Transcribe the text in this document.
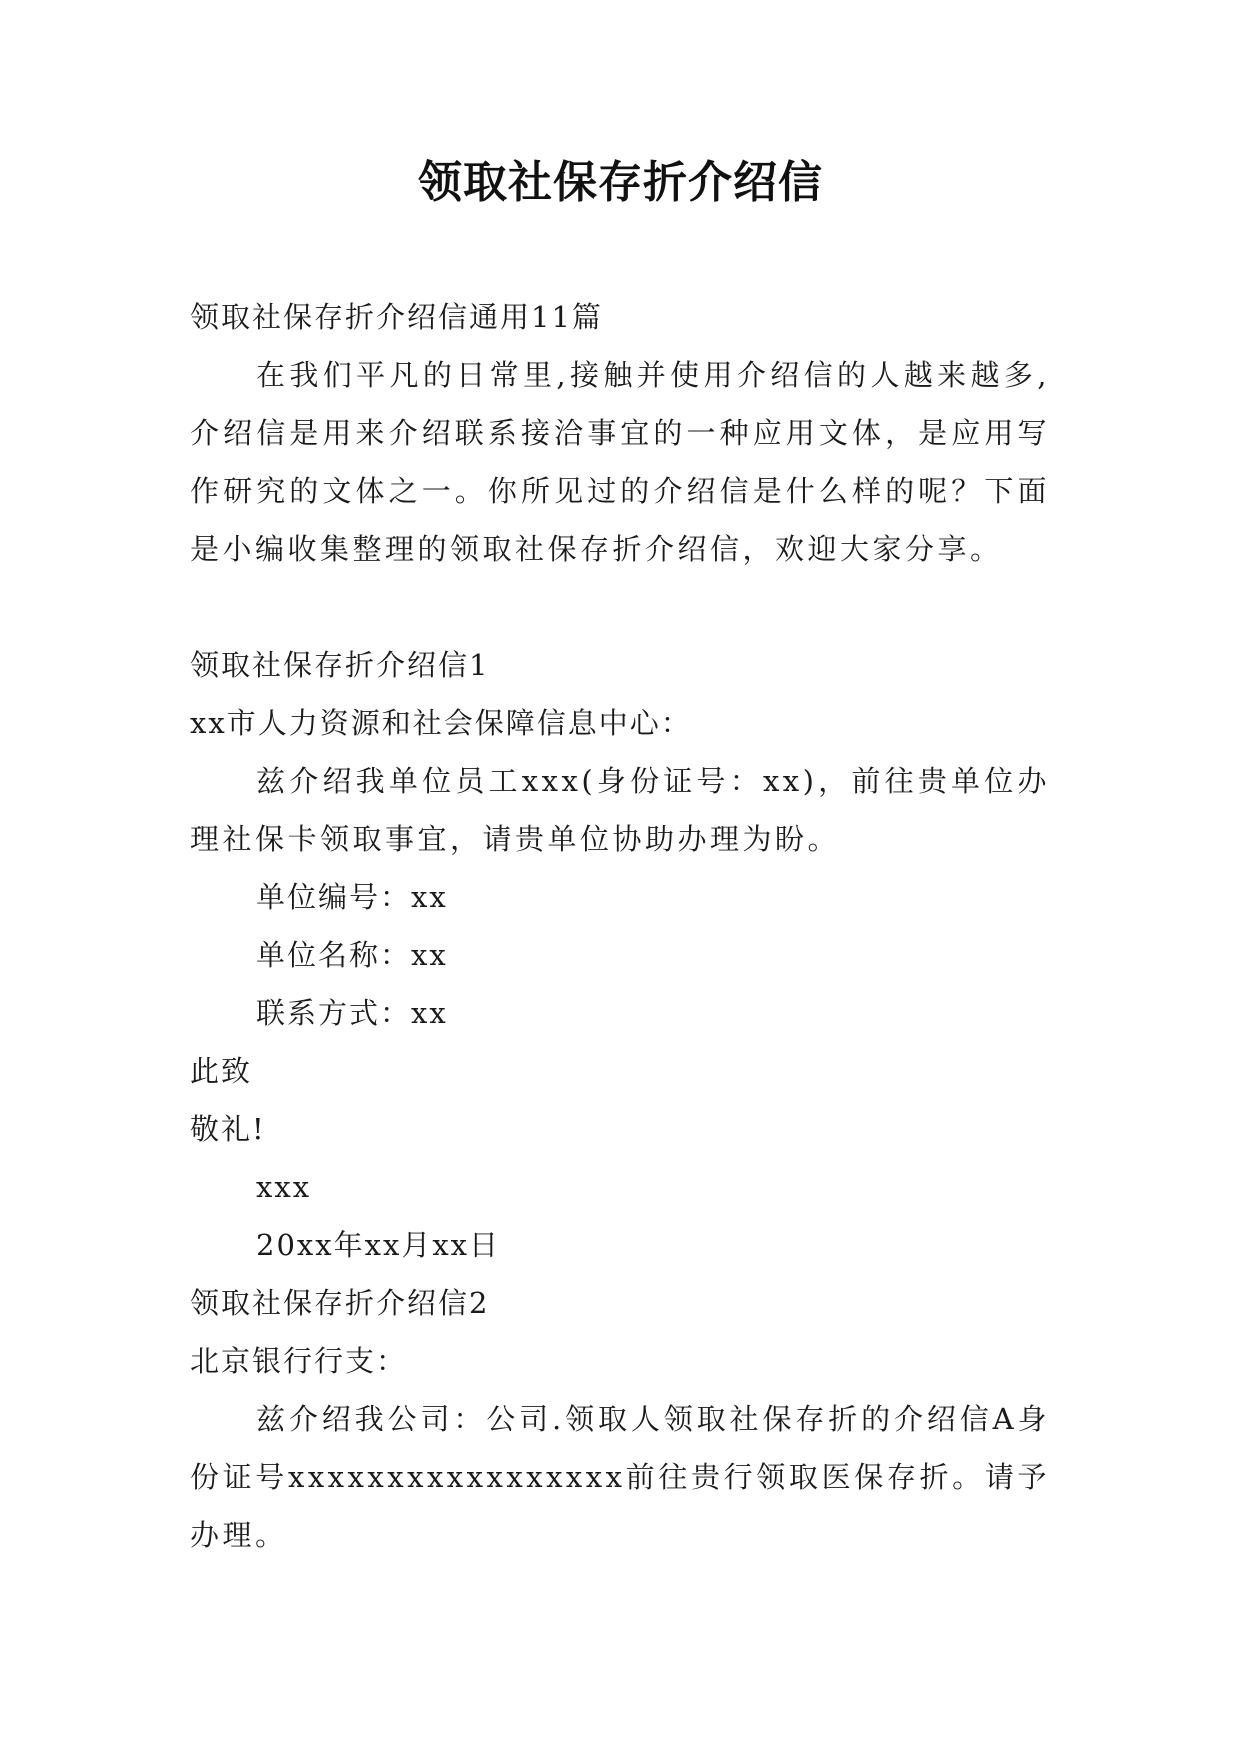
领取社保存折介绍信
领取社保存折介绍信通用11篇
在我们平凡的日常里,接触并使用介绍信的人越来越多,介绍信是用来介绍联系接洽事宜的一种应用文体，是应用写作研究的文体之一。你所见过的介绍信是什么样的呢？下面是小编收集整理的领取社保存折介绍信，欢迎大家分享。
领取社保存折介绍信1
xx市人力资源和社会保障信息中心：
兹介绍我单位员工xxx(身份证号：xx)，前往贵单位办理社保卡领取事宜，请贵单位协助办理为盼。
单位编号：xx
单位名称：xx
联系方式：xx
此致
敬礼!
xxx
20xx年xx月xx日
领取社保存折介绍信2
北京银行行支：
兹介绍我公司：公司.领取人领取社保存折的介绍信A身份证号xxxxxxxxxxxxxxxxx前往贵行领取医保存折。请予办理。
